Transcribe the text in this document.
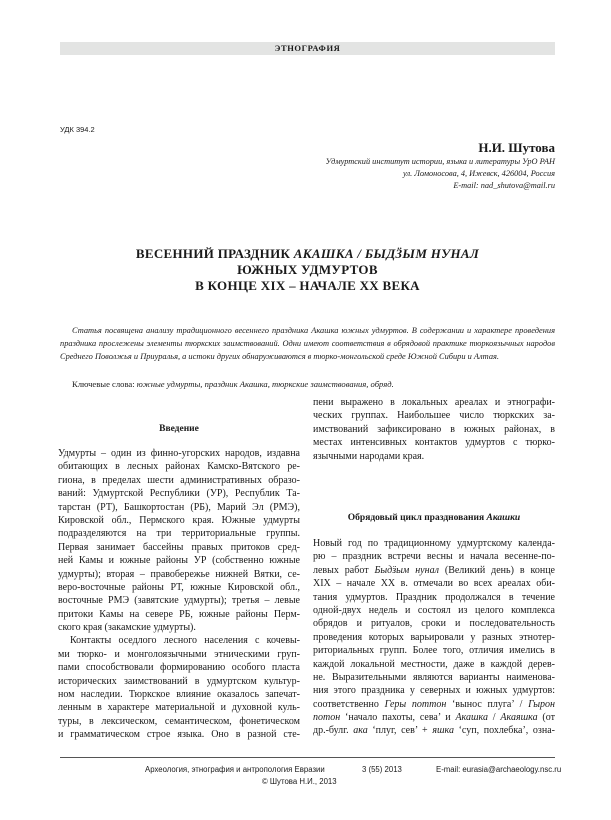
ЭТНОГРАФИЯ
УДК 394.2
Н.И. Шутова
Удмуртский институт истории, языка и литературы УрО РАН
ул. Ломоносова, 4, Ижевск, 426004, Россия
E-mail: nad_shutova@mail.ru
ВЕСЕННИЙ ПРАЗДНИК АКАШКА / БЫДӞЫМ НУНАЛ
ЮЖНЫХ УДМУРТОВ
В КОНЦЕ XIX – НАЧАЛЕ XX ВЕКА
Статья посвящена анализу традиционного весеннего праздника Акашка южных удмуртов. В содержании и характере проведения праздника прослежены элементы тюркских заимствований. Одни имеют соответствия в обрядовой практике тюркоязычных народов Среднего Поволжья и Приуралья, а истоки других обнаруживаются в тюрко-монгольской среде Южной Сибири и Алтая.
Ключевые слова: южные удмурты, праздник Акашка, тюркские заимствования, обряд.
Введение
Удмурты – один из финно-угорских народов, издавна
обитающих в лесных районах Камско-Вятского ре-
гиона, в пределах шести административных образо-
ваний: Удмуртской Республики (УР), Республик Та-
тарстан (РТ), Башкортостан (РБ), Марий Эл (РМЭ),
Кировской обл., Пермского края. Южные удмурты
подразделяются на три территориальные группы.
Первая занимает бассейны правых притоков сред-
ней Камы и южные районы УР (собственно южные
удмурты); вторая – правобережье нижней Вятки, се-
веро-восточные районы РТ, южные Кировской обл.,
восточные РМЭ (завятские удмурты); третья – левые
притоки Камы на севере РБ, южные районы Перм-
ского края (закамские удмурты).
Контакты оседлого лесного населения с кочевы-
ми тюрко- и монголоязычными этническими груп-
пами способствовали формированию особого пласта
исторических заимствований в удмуртском культур-
ном наследии. Тюркское влияние оказалось запечат-
ленным в характере материальной и духовной куль-
туры, в лексическом, семантическом, фонетическом
и грамматическом строе языка. Оно в разной сте-
пени выражено в локальных ареалах и этнографи-
ческих группах. Наибольшее число тюркских за-
имствований зафиксировано в южных районах, в
местах интенсивных контактов удмуртов с тюрко-
язычными народами края.
Обрядовый цикл празднования Акашки
Новый год по традиционному удмуртскому календа-
рю – праздник встречи весны и начала весенне-по-
левых работ Быдӟым нунал (Великий день) в конце
XIX – начале XX в. отмечали во всех ареалах оби-
тания удмуртов. Праздник продолжался в течение
одной-двух недель и состоял из целого комплекса
обрядов и ритуалов, сроки и последовательность
проведения которых варьировали у разных этнотер-
риториальных групп. Более того, отличия имелись в
каждой локальной местности, даже в каждой дерев-
не. Выразительными являются варианты наименова-
ния этого праздника у северных и южных удмуртов:
соответственно Геры поттон ‘вынос плуга’ / Гырон
потон ‘начало пахоты, сева’ и Акашка / Акаяшка (от
др.-булг. ака ‘плуг, сев’ + яшка ‘суп, похлебка’, озна-
Археология, этнография и антропология Евразии	3 (55) 2013	E-mail: eurasia@archaeology.nsc.ru
© Шутова Н.И., 2013
